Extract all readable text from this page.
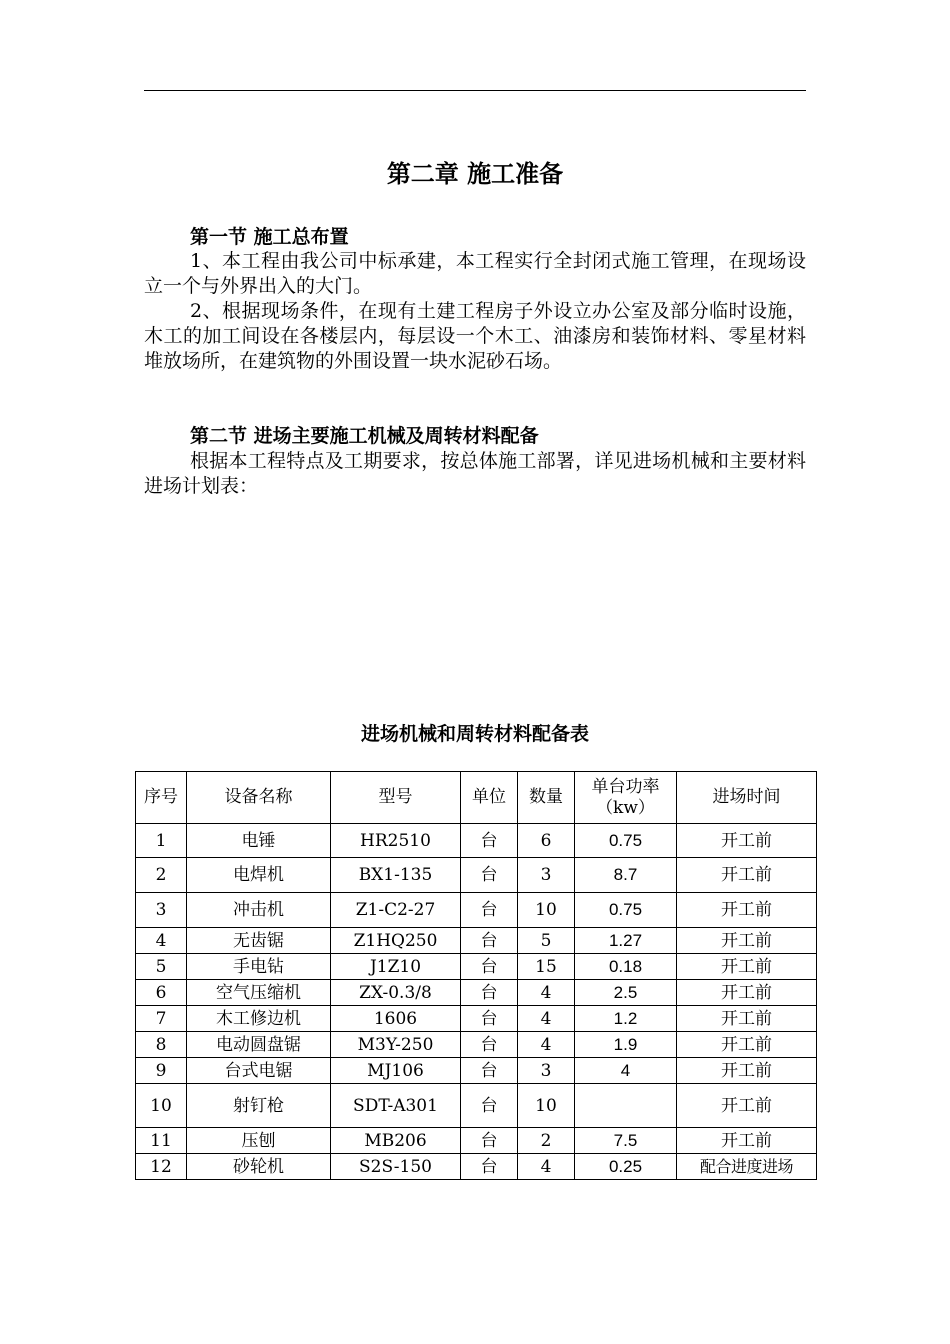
第二章 施工准备
第一节 施工总布置
1、本工程由我公司中标承建，本工程实行全封闭式施工管理，在现场设立一个与外界出入的大门。
2、根据现场条件，在现有土建工程房子外设立办公室及部分临时设施，木工的加工间设在各楼层内，每层设一个木工、油漆房和装饰材料、零星材料堆放场所，在建筑物的外围设置一块水泥砂石场。
第二节 进场主要施工机械及周转材料配备
根据本工程特点及工期要求，按总体施工部署，详见进场机械和主要材料进场计划表：
进场机械和周转材料配备表
序号	设备名称	型号	单位	数量	单台功率（kw）	进场时间
1	电锤	HR2510	台	6	0.75	开工前
2	电焊机	BX1-135	台	3	8.7	开工前
3	冲击机	Z1-C2-27	台	10	0.75	开工前
4	无齿锯	Z1HQ250	台	5	1.27	开工前
5	手电钻	J1Z10	台	15	0.18	开工前
6	空气压缩机	ZX-0.3/8	台	4	2.5	开工前
7	木工修边机	1606	台	4	1.2	开工前
8	电动圆盘锯	M3Y-250	台	4	1.9	开工前
9	台式电锯	MJ106	台	3	4	开工前
10	射钉枪	SDT-A301	台	10		开工前
11	压刨	MB206	台	2	7.5	开工前
12	砂轮机	S2S-150	台	4	0.25	配合进度进场
